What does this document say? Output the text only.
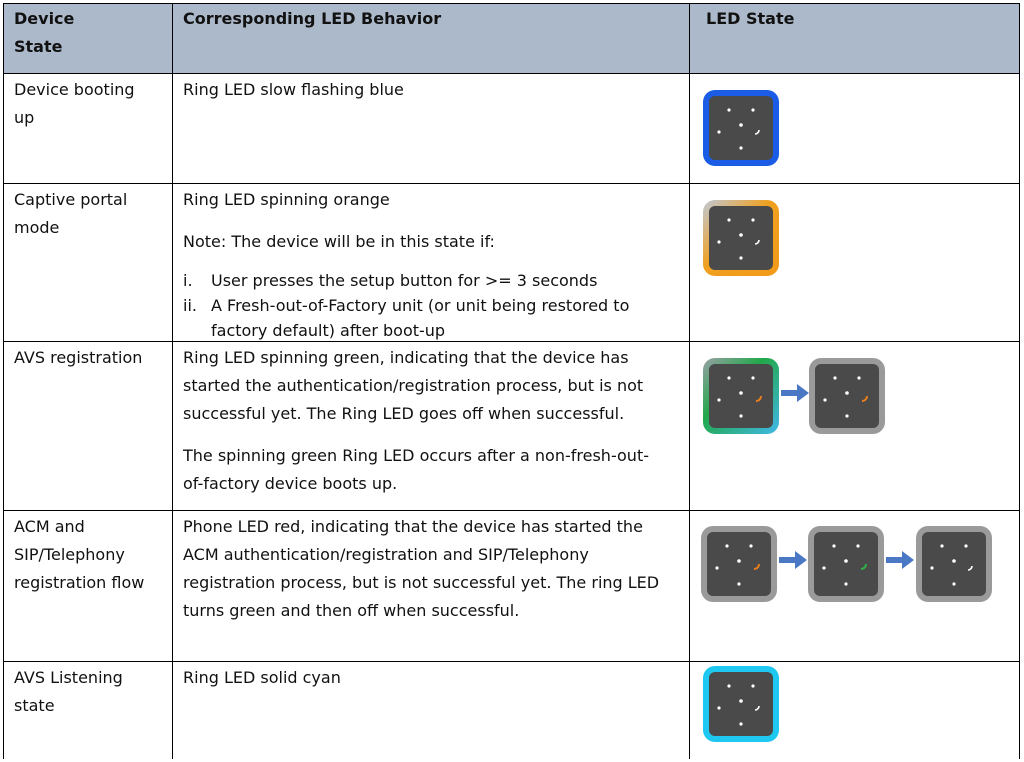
Device
State
Corresponding LED Behavior	LED State
Device booting
up
Ring LED slow flashing blue
Captive portal
mode
Ring LED spinning orange
Note: The device will be in this state if:
i. User presses the setup button for >= 3 seconds
ii. A Fresh-out-of-Factory unit (or unit being restored to
factory default) after boot-up
AVS registration	Ring LED spinning green, indicating that the device has
started the authentication/registration process, but is not
successful yet. The Ring LED goes off when successful.
The spinning green Ring LED occurs after a non-fresh-out-
of-factory device boots up.
ACM and
SIP/Telephony
registration flow
Phone LED red, indicating that the device has started the
ACM authentication/registration and SIP/Telephony
registration process, but is not successful yet. The ring LED
turns green and then off when successful.
AVS Listening
state
Ring LED solid cyan
